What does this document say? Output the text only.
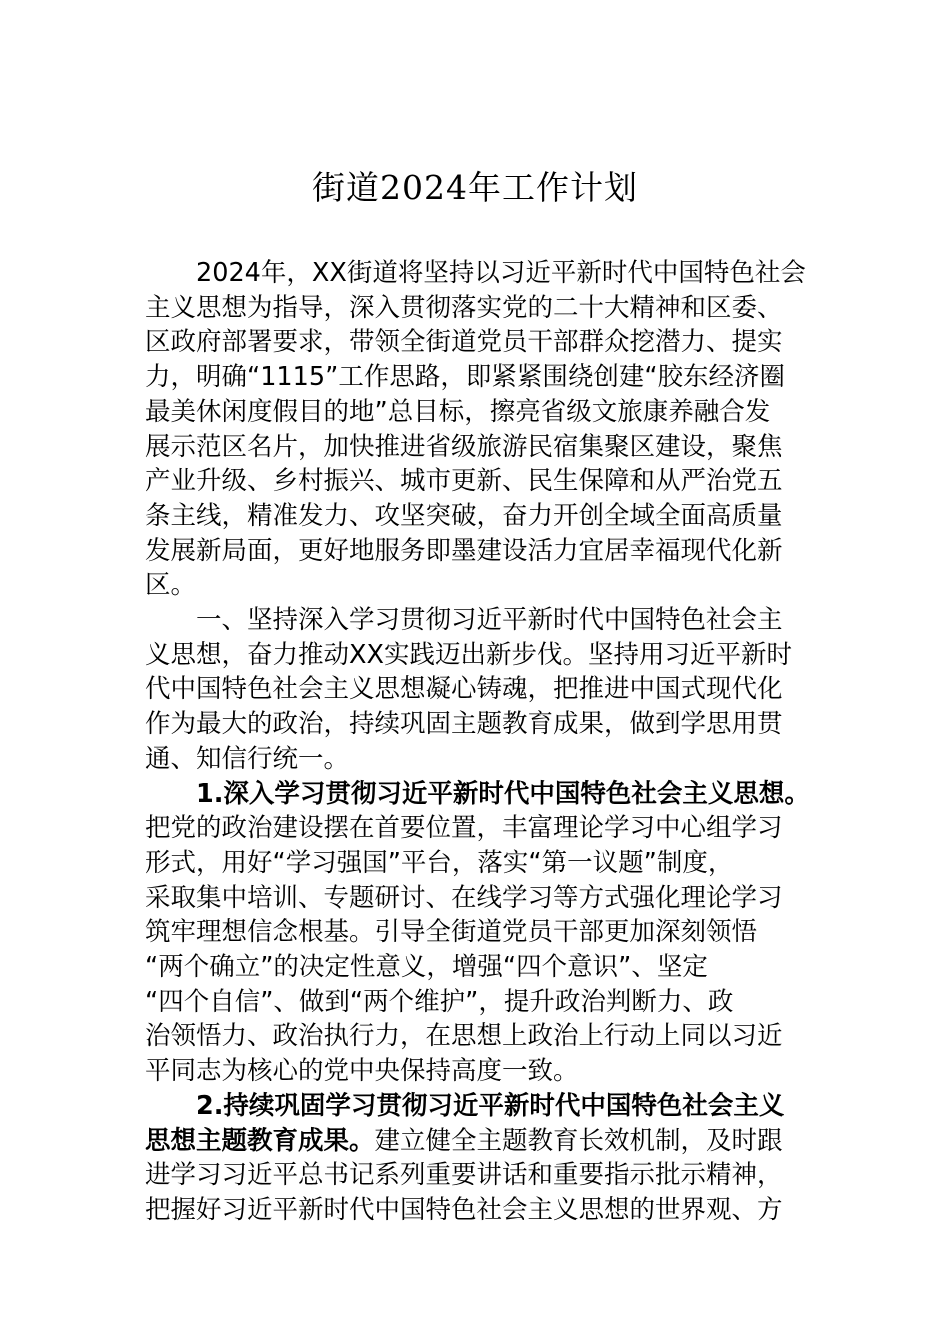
街道2024年工作计划
2024年，XX街道将坚持以习近平新时代中国特色社会
主义思想为指导，深入贯彻落实党的二十大精神和区委、
区政府部署要求，带领全街道党员干部群众挖潜力、提实
力，明确“1115”工作思路，即紧紧围绕创建“胶东经济圈
最美休闲度假目的地”总目标，擦亮省级文旅康养融合发
展示范区名片，加快推进省级旅游民宿集聚区建设，聚焦
产业升级、乡村振兴、城市更新、民生保障和从严治党五
条主线，精准发力、攻坚突破，奋力开创全域全面高质量
发展新局面，更好地服务即墨建设活力宜居幸福现代化新
区。
一、坚持深入学习贯彻习近平新时代中国特色社会主
义思想，奋力推动XX实践迈出新步伐。坚持用习近平新时
代中国特色社会主义思想凝心铸魂，把推进中国式现代化
作为最大的政治，持续巩固主题教育成果，做到学思用贯
通、知信行统一。
1.深入学习贯彻习近平新时代中国特色社会主义思想。
把党的政治建设摆在首要位置，丰富理论学习中心组学习
形式，用好“学习强国”平台，落实“第一议题”制度，
采取集中培训、专题研讨、在线学习等方式强化理论学习
筑牢理想信念根基。引导全街道党员干部更加深刻领悟
“两个确立”的决定性意义，增强“四个意识”、坚定
“四个自信”、做到“两个维护”，提升政治判断力、政
治领悟力、政治执行力，在思想上政治上行动上同以习近
平同志为核心的党中央保持高度一致。
2.持续巩固学习贯彻习近平新时代中国特色社会主义
思想主题教育成果。建立健全主题教育长效机制，及时跟
进学习习近平总书记系列重要讲话和重要指示批示精神，
把握好习近平新时代中国特色社会主义思想的世界观、方
